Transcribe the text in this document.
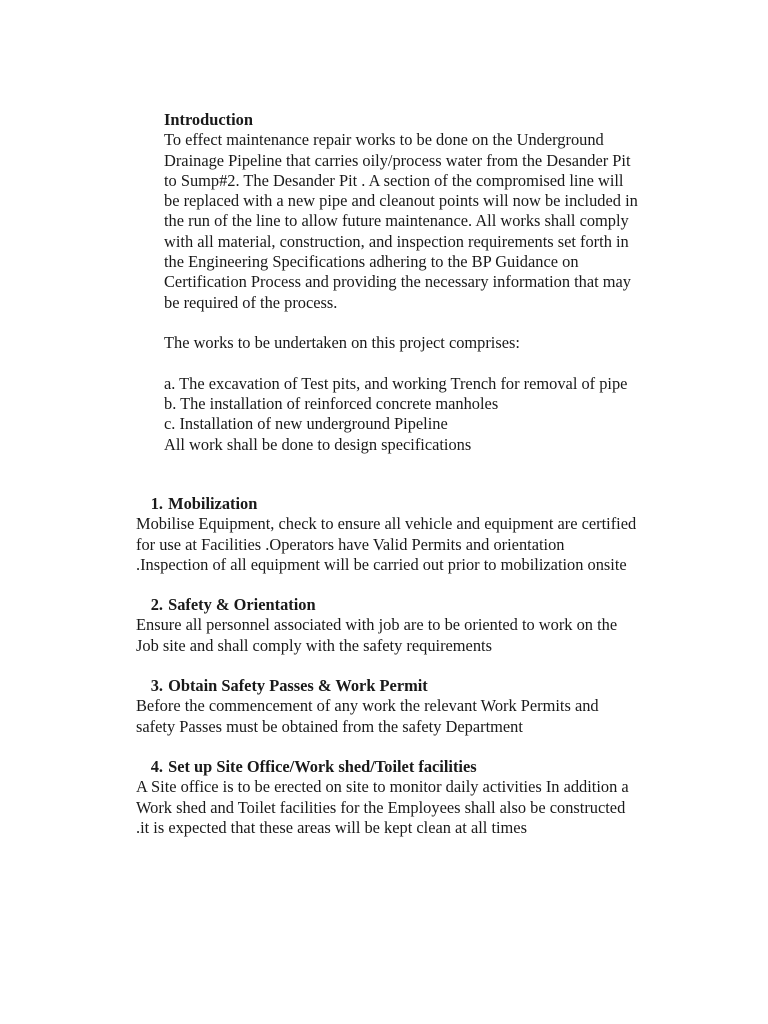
Introduction
To effect maintenance repair works to be done on the Underground
Drainage Pipeline that carries oily/process water from the Desander Pit
to Sump#2. The Desander Pit . A section of the compromised line will
be replaced with a new pipe and cleanout points will now be included in
the run of the line to allow future maintenance. All works shall comply
with all material, construction, and inspection requirements set forth in
the Engineering Specifications adhering to the BP Guidance on
Certification Process and providing the necessary information that may
be required of the process.
The works to be undertaken on this project comprises:
a. The excavation of Test pits, and working Trench for removal of pipe
b. The installation of reinforced concrete manholes
c. Installation of new underground Pipeline
All work shall be done to design specifications
1. Mobilization
Mobilise Equipment, check to ensure all vehicle and equipment are certified
for use at Facilities .Operators have Valid Permits and orientation
.Inspection of all equipment will be carried out prior to mobilization onsite
2. Safety & Orientation
Ensure all personnel associated with job are to be oriented to work on the
Job site and shall comply with the safety requirements
3. Obtain Safety Passes & Work Permit
Before the commencement of any work the relevant Work Permits and
safety Passes must be obtained from the safety Department
4. Set up Site Office/Work shed/Toilet facilities
A Site office is to be erected on site to monitor daily activities In addition a
Work shed and Toilet facilities for the Employees shall also be constructed
.it is expected that these areas will be kept clean at all times
